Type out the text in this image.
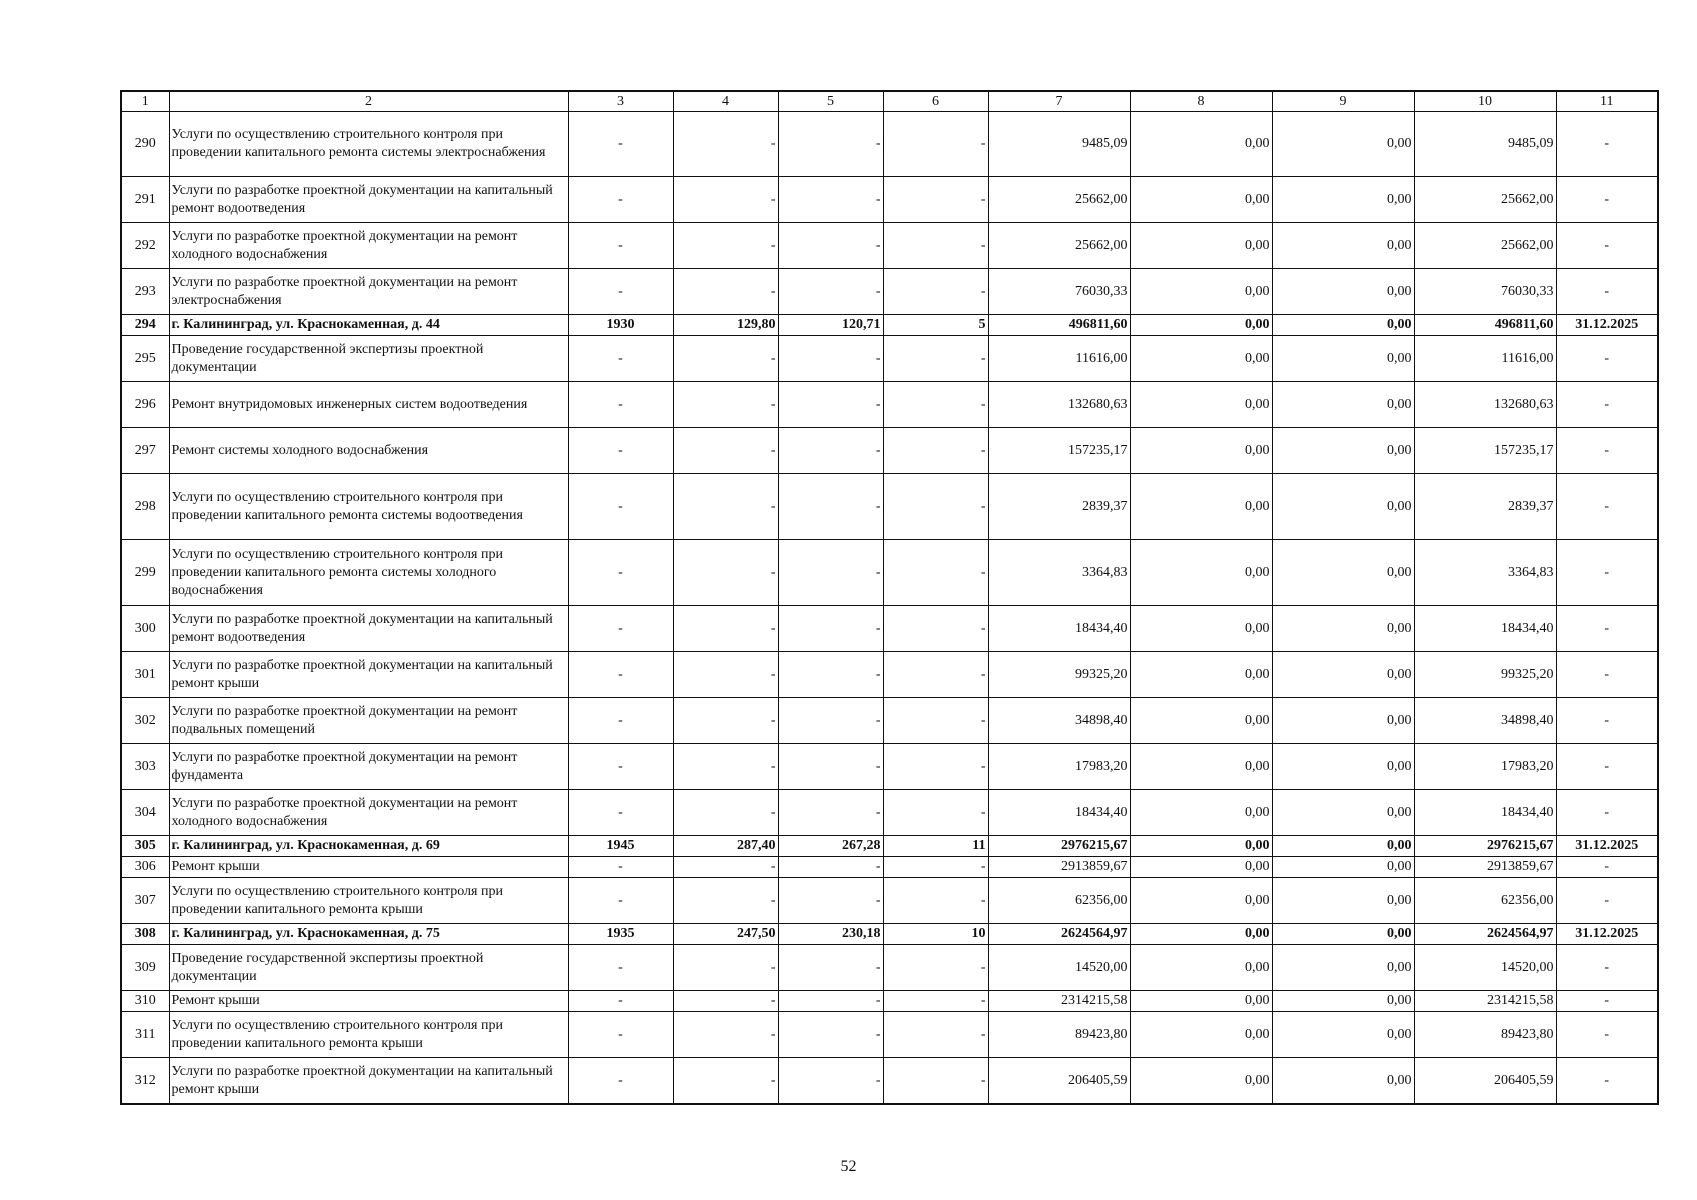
1	2	3	4	5	6	7	8	9	10	11
290	Услуги по осуществлению строительного контроля при проведении капитального ремонта системы электроснабжения	-	-	-	-	9485,09	0,00	0,00	9485,09	-
291	Услуги по разработке проектной документации на капитальный ремонт водоотведения	-	-	-	-	25662,00	0,00	0,00	25662,00	-
292	Услуги по разработке проектной документации на ремонт холодного водоснабжения	-	-	-	-	25662,00	0,00	0,00	25662,00	-
293	Услуги по разработке проектной документации на ремонт электроснабжения	-	-	-	-	76030,33	0,00	0,00	76030,33	-
294	г. Калининград, ул. Краснокаменная, д. 44	1930	129,80	120,71	5	496811,60	0,00	0,00	496811,60	31.12.2025
295	Проведение государственной экспертизы проектной документации	-	-	-	-	11616,00	0,00	0,00	11616,00	-
296	Ремонт внутридомовых инженерных систем водоотведения	-	-	-	-	132680,63	0,00	0,00	132680,63	-
297	Ремонт системы холодного водоснабжения	-	-	-	-	157235,17	0,00	0,00	157235,17	-
298	Услуги по осуществлению строительного контроля при проведении капитального ремонта системы водоотведения	-	-	-	-	2839,37	0,00	0,00	2839,37	-
299	Услуги по осуществлению строительного контроля при проведении капитального ремонта системы холодного водоснабжения	-	-	-	-	3364,83	0,00	0,00	3364,83	-
300	Услуги по разработке проектной документации на капитальный ремонт водоотведения	-	-	-	-	18434,40	0,00	0,00	18434,40	-
301	Услуги по разработке проектной документации на капитальный ремонт крыши	-	-	-	-	99325,20	0,00	0,00	99325,20	-
302	Услуги по разработке проектной документации на ремонт подвальных помещений	-	-	-	-	34898,40	0,00	0,00	34898,40	-
303	Услуги по разработке проектной документации на ремонт фундамента	-	-	-	-	17983,20	0,00	0,00	17983,20	-
304	Услуги по разработке проектной документации на ремонт холодного водоснабжения	-	-	-	-	18434,40	0,00	0,00	18434,40	-
305	г. Калининград, ул. Краснокаменная, д. 69	1945	287,40	267,28	11	2976215,67	0,00	0,00	2976215,67	31.12.2025
306	Ремонт крыши	-	-	-	-	2913859,67	0,00	0,00	2913859,67	-
307	Услуги по осуществлению строительного контроля при проведении капитального ремонта крыши	-	-	-	-	62356,00	0,00	0,00	62356,00	-
308	г. Калининград, ул. Краснокаменная, д. 75	1935	247,50	230,18	10	2624564,97	0,00	0,00	2624564,97	31.12.2025
309	Проведение государственной экспертизы проектной документации	-	-	-	-	14520,00	0,00	0,00	14520,00	-
310	Ремонт крыши	-	-	-	-	2314215,58	0,00	0,00	2314215,58	-
311	Услуги по осуществлению строительного контроля при проведении капитального ремонта крыши	-	-	-	-	89423,80	0,00	0,00	89423,80	-
312	Услуги по разработке проектной документации на капитальный ремонт крыши	-	-	-	-	206405,59	0,00	0,00	206405,59	-
52
